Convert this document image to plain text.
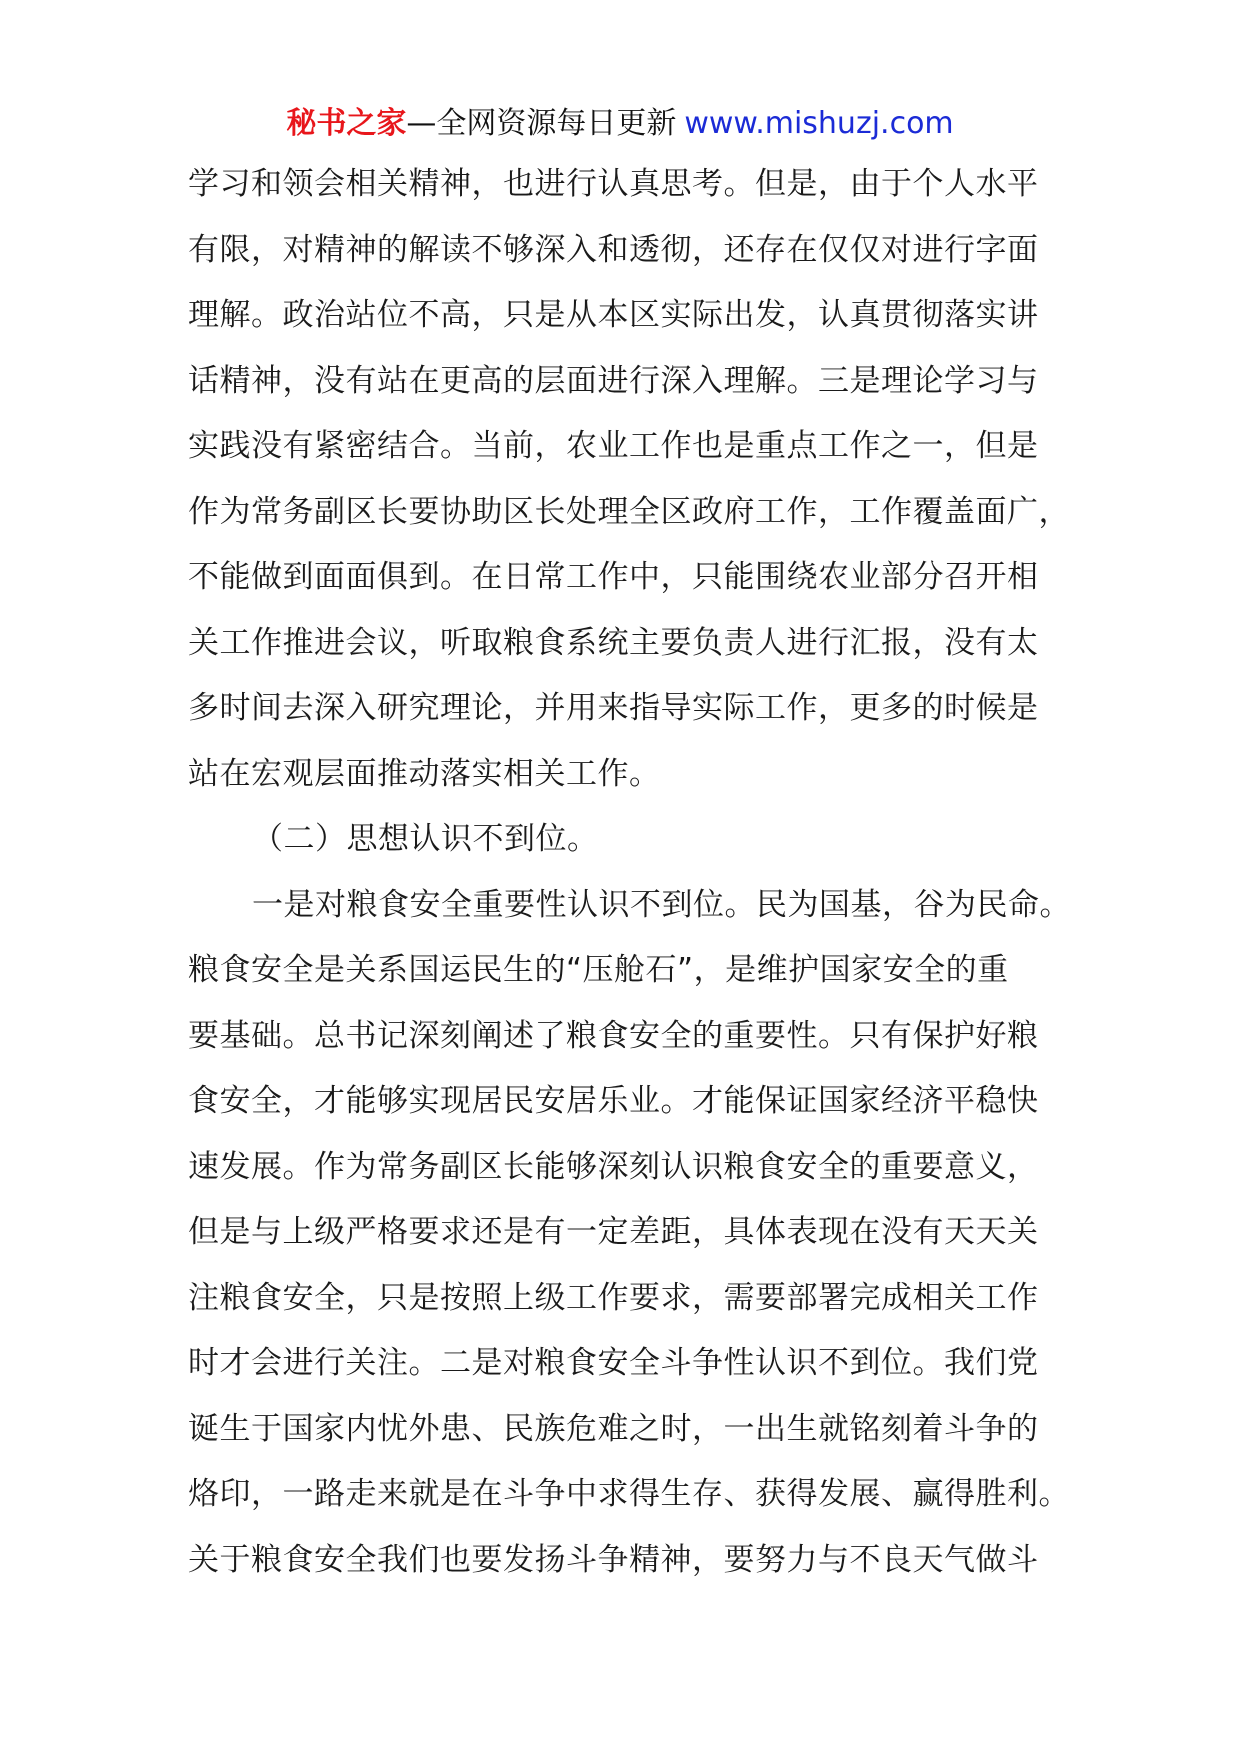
秘书之家—全网资源每日更新 www.mishuzj.com
学习和领会相关精神，也进行认真思考。但是，由于个人水平
有限，对精神的解读不够深入和透彻，还存在仅仅对进行字面
理解。政治站位不高，只是从本区实际出发，认真贯彻落实讲
话精神，没有站在更高的层面进行深入理解。三是理论学习与
实践没有紧密结合。当前，农业工作也是重点工作之一，但是
作为常务副区长要协助区长处理全区政府工作，工作覆盖面广，
不能做到面面俱到。在日常工作中，只能围绕农业部分召开相
关工作推进会议，听取粮食系统主要负责人进行汇报，没有太
多时间去深入研究理论，并用来指导实际工作，更多的时候是
站在宏观层面推动落实相关工作。
（二）思想认识不到位。
一是对粮食安全重要性认识不到位。民为国基，谷为民命。
粮食安全是关系国运民生的“压舱石”，是维护国家安全的重
要基础。总书记深刻阐述了粮食安全的重要性。只有保护好粮
食安全，才能够实现居民安居乐业。才能保证国家经济平稳快
速发展。作为常务副区长能够深刻认识粮食安全的重要意义，
但是与上级严格要求还是有一定差距，具体表现在没有天天关
注粮食安全，只是按照上级工作要求，需要部署完成相关工作
时才会进行关注。二是对粮食安全斗争性认识不到位。我们党
诞生于国家内忧外患、民族危难之时，一出生就铭刻着斗争的
烙印，一路走来就是在斗争中求得生存、获得发展、赢得胜利。
关于粮食安全我们也要发扬斗争精神，要努力与不良天气做斗
